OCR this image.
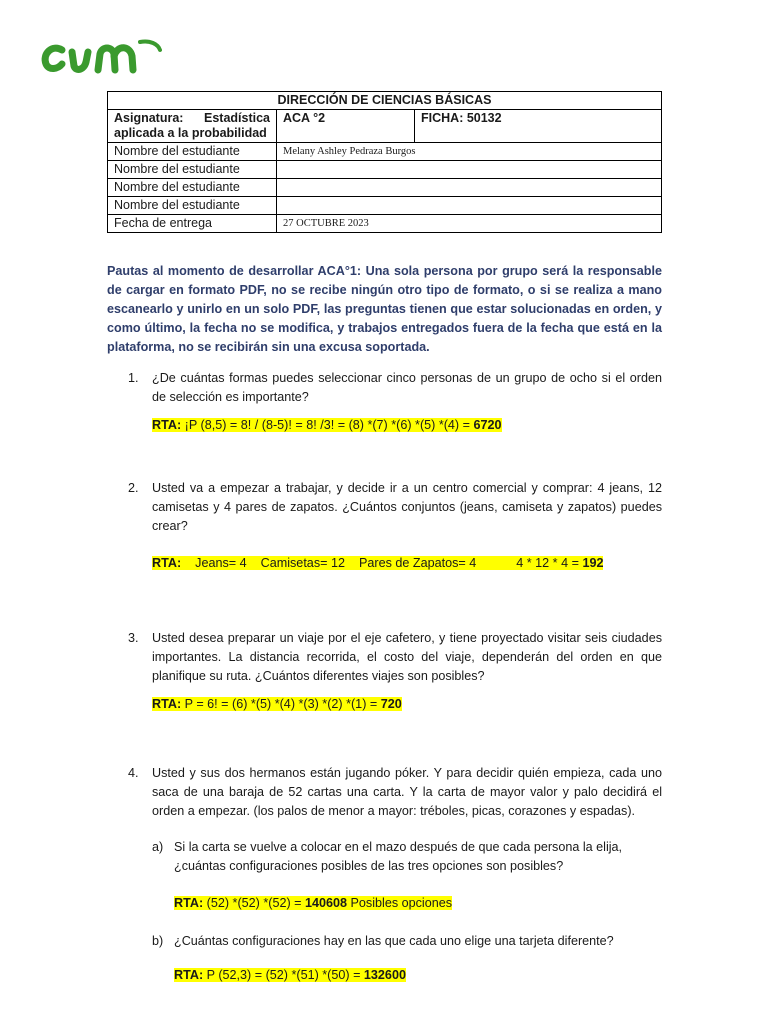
DIRECCIÓN DE CIENCIAS BÁSICAS		

Asignatura: Estadística aplicada a la probabilidad	ACA °2	FICHA: 50132
Nombre del estudiante	Melany Ashley Pedraza Burgos	
Nombre del estudiante		
Nombre del estudiante		
Nombre del estudiante		
Fecha de entrega	27 OCTUBRE 2023	

Pautas al momento de desarrollar ACA°1: Una sola persona por grupo será la responsable de cargar en formato PDF, no se recibe ningún otro tipo de formato, o si se realiza a mano escanearlo y unirlo en un solo PDF, las preguntas tienen que estar solucionadas en orden, y como último, la fecha no se modifica, y trabajos entregados fuera de la fecha que está en la plataforma, no se recibirán sin una excusa soportada.

1. ¿De cuántas formas puedes seleccionar cinco personas de un grupo de ocho si el orden de selección es importante?

RTA: ¡P (8,5) = 8! / (8-5)! = 8! /3! = (8) *(7) *(6) *(5) *(4) = 6720
2. Usted va a empezar a trabajar, y decide ir a un centro comercial y comprar: 4 jeans, 12 camisetas y 4 pares de zapatos. ¿Cuántos conjuntos (jeans, camiseta y zapatos) puedes crear?

RTA: Jeans= 4 Camisetas= 12 Pares de Zapatos= 4	4 * 12 * 4 = 192
3. Usted desea preparar un viaje por el eje cafetero, y tiene proyectado visitar seis ciudades importantes. La distancia recorrida, el costo del viaje, dependerán del orden en que planifique su ruta. ¿Cuántos diferentes viajes son posibles?

RTA: P = 6! = (6) *(5) *(4) *(3) *(2) *(1) = 720
4. Usted y sus dos hermanos están jugando póker. Y para decidir quién empieza, cada uno saca de una baraja de 52 cartas una carta. Y la carta de mayor valor y palo decidirá el orden a empezar. (los palos de menor a mayor: tréboles, picas, corazones y espadas).

a) Si la carta se vuelve a colocar en el mazo después de que cada persona la elija, ¿cuántas configuraciones posibles de las tres opciones son posibles?

RTA: (52) *(52) *(52) = 140608 Posibles opciones
b) ¿Cuántas configuraciones hay en las que cada uno elige una tarjeta diferente?

RTA: P (52,3) = (52) *(51) *(50) = 132600
